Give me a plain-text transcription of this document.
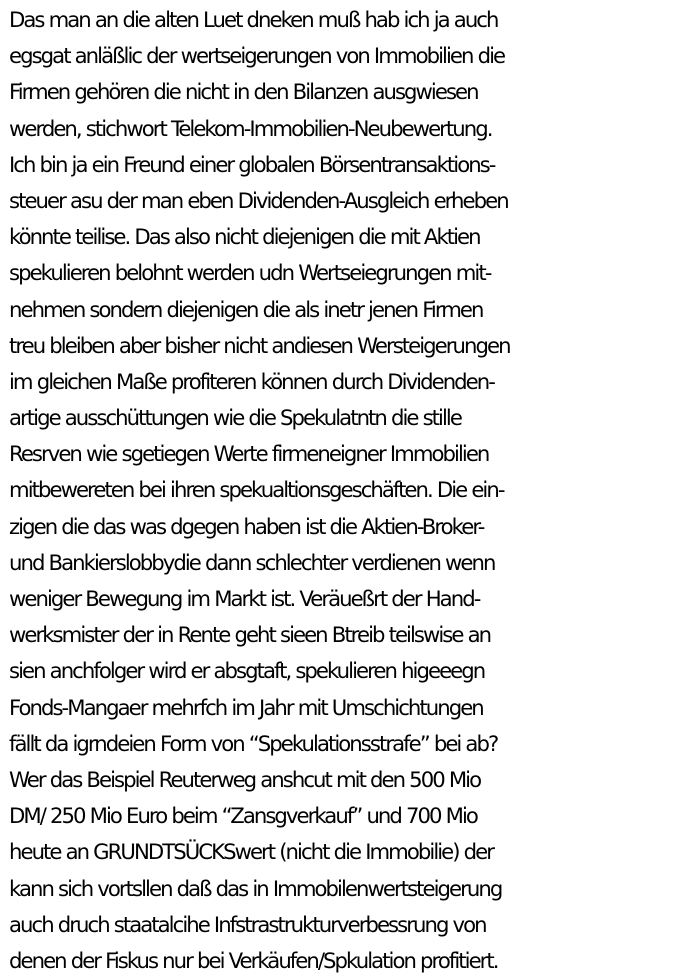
Das man an die alten Luet dneken muß hab ich ja auch
egsgat anläßlic der wertseigerungen von Immobilien die
Firmen gehören die nicht in den Bilanzen ausgwiesen
werden, stichwort Telekom-Immobilien-Neubewertung.
Ich bin ja ein Freund einer globalen Börsentransaktions-
steuer asu der man eben Dividenden-Ausgleich erheben
könnte teilise. Das also nicht diejenigen die mit Aktien
spekulieren belohnt werden udn Wertseiegrungen mit-
nehmen sondern diejenigen die als inetr jenen Firmen
treu bleiben aber bisher nicht andiesen Wersteigerungen
im gleichen Maße profiteren können durch Dividenden-
artige ausschüttungen wie die Spekulatntn die stille
Resrven wie sgetiegen Werte firmeneigner Immobilien
mitbewereten bei ihren spekualtionsgeschäften. Die ein-
zigen die das was dgegen haben ist die Aktien-Broker-
und Bankierslobbydie dann schlechter verdienen wenn
weniger Bewegung im Markt ist. Veräueßrt der Hand-
werksmister der in Rente geht sieen Btreib teilswise an
sien anchfolger wird er absgtaft, spekulieren higeeegn
Fonds-Mangaer mehrfch im Jahr mit Umschichtungen
fällt da igrndeien Form von “Spekulationsstrafe” bei ab?
Wer das Beispiel Reuterweg anshcut mit den 500 Mio
DM/ 250 Mio Euro beim “Zansgverkauf” und 700 Mio
heute an GRUNDTSÜCKSwert (nicht die Immobilie) der
kann sich vortsllen daß das in Immobilenwertsteigerung
auch druch staatalcihe Infstrastrukturverbessrung von
denen der Fiskus nur bei Verkäufen/Spkulation profitiert.
